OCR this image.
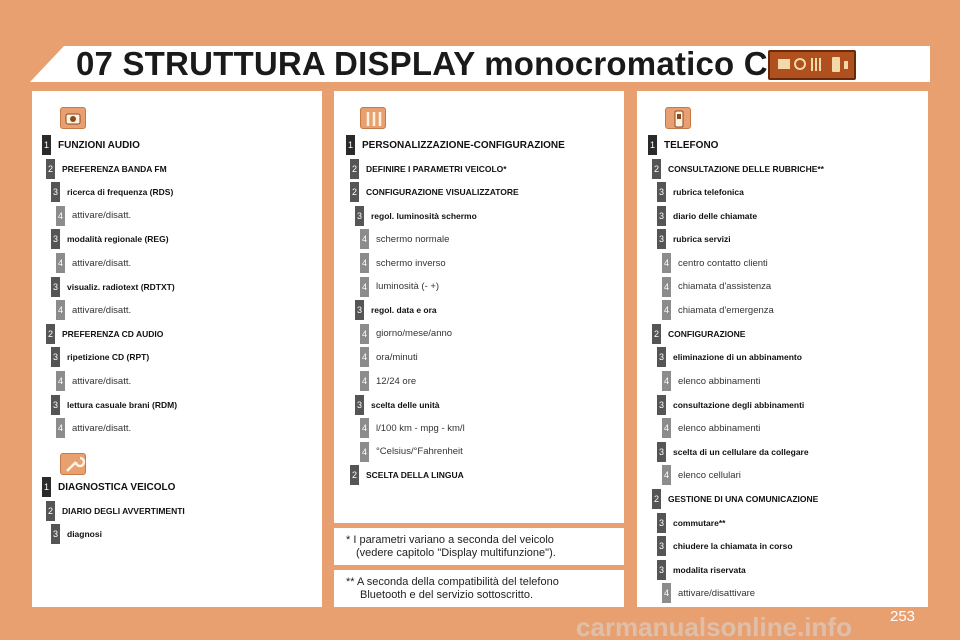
07 STRUTTURA DISPLAY monocromatico C
* I parametri variano a seconda del veicolo
(vedere capitolo "Display multifunzione").
** A seconda della compatibilità del telefono
Bluetooth e del servizio sottoscritto.
1 FUNZIONI AUDIO
2 PREFERENZA BANDA FM
3 ricerca di frequenza (RDS)
4 attivare/disatt.
3 modalità regionale (REG)
4 attivare/disatt.
3 visualiz. radiotext (RDTXT)
4 attivare/disatt.
2 PREFERENZA CD AUDIO
3 ripetizione CD (RPT)
4 attivare/disatt.
3 lettura casuale brani (RDM)
4 attivare/disatt.
1 DIAGNOSTICA VEICOLO
2 DIARIO DEGLI AVVERTIMENTI
3 diagnosi
1 PERSONALIZZAZIONE-CONFIGURAZIONE
2 DEFINIRE I PARAMETRI VEICOLO*
2 CONFIGURAZIONE VISUALIZZATORE
3 regol. luminosità schermo
4 schermo normale
4 schermo inverso
4 luminosità (- +)
3 regol. data e ora
4 giorno/mese/anno
4 ora/minuti
4 12/24 ore
3 scelta delle unità
4 l/100 km - mpg - km/l
4 °Celsius/°Fahrenheit
2 SCELTA DELLA LINGUA
1 TELEFONO
2 CONSULTAZIONE DELLE RUBRICHE**
3 rubrica telefonica
3 diario delle chiamate
3 rubrica servizi
4 centro contatto clienti
4 chiamata d'assistenza
4 chiamata d'emergenza
2 CONFIGURAZIONE
3 eliminazione di un abbinamento
4 elenco abbinamenti
3 consultazione degli abbinamenti
4 elenco abbinamenti
3 scelta di un cellulare da collegare
4 elenco cellulari
2 GESTIONE DI UNA COMUNICAZIONE
3 commutare**
3 chiudere la chiamata in corso
3 modalita riservata
4 attivare/disattivare
carmanualsonline.info	253
